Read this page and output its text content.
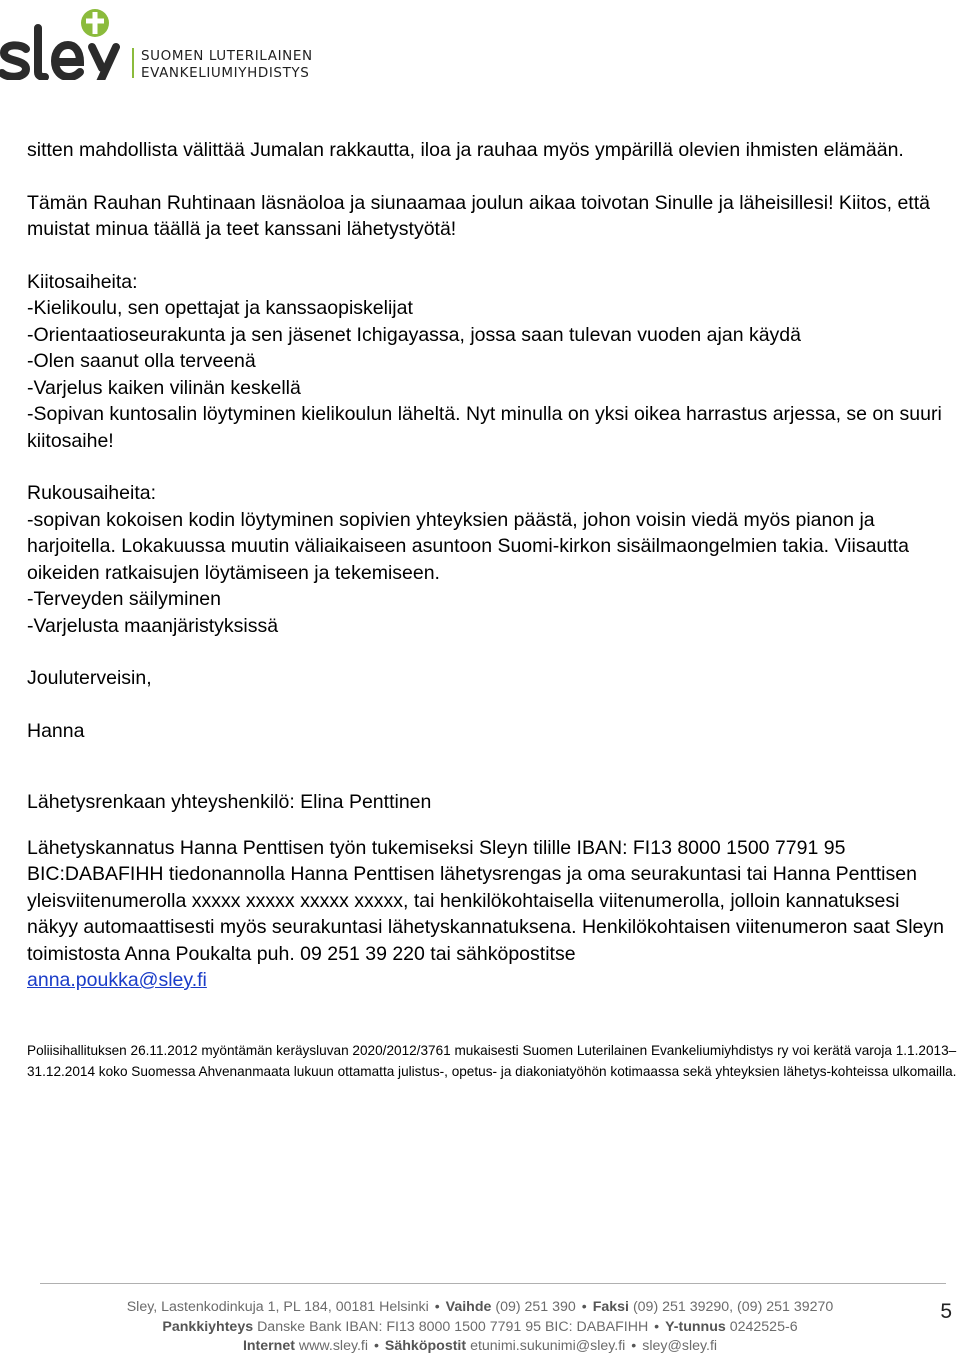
SUOMEN LUTERILAINEN
EVANKELIUMIYHDISTYS

sitten mahdollista välittää Jumalan rakkautta, iloa ja rauhaa myös ympärillä olevien ihmisten elämään.

Tämän Rauhan Ruhtinaan läsnäoloa ja siunaamaa joulun aikaa toivotan Sinulle ja läheisillesi! Kiitos, että muistat minua täällä ja teet kanssani lähetystyötä!

Kiitosaiheita:
-Kielikoulu, sen opettajat ja kanssaopiskelijat
-Orientaatioseurakunta ja sen jäsenet Ichigayassa, jossa saan tulevan vuoden ajan käydä
-Olen saanut olla terveenä
-Varjelus kaiken vilinän keskellä
-Sopivan kuntosalin löytyminen kielikoulun läheltä. Nyt minulla on yksi oikea harrastus arjessa, se on suuri kiitosaihe!
Rukousaiheita:
-sopivan kokoisen kodin löytyminen sopivien yhteyksien päästä, johon voisin viedä myös pianon ja harjoitella. Lokakuussa muutin väliaikaiseen asuntoon Suomi-kirkon sisäilmaongelmien takia. Viisautta oikeiden ratkaisujen löytämiseen ja tekemiseen.
-Terveyden säilyminen
-Varjelusta maanjäristyksissä
Jouluterveisin,
Hanna
Lähetysrenkaan yhteyshenkilö: Elina Penttinen
Lähetyskannatus Hanna Penttisen työn tukemiseksi Sleyn tilille IBAN: FI13 8000 1500 7791 95 BIC:DABAFIHH tiedonannolla Hanna Penttisen lähetysrengas ja oma seurakuntasi tai Hanna Penttisen yleisviitenumerolla xxxxx xxxxx xxxxx xxxxx, tai henkilökohtaisella viitenumerolla, jolloin kannatuksesi näkyy automaattisesti myös seurakuntasi lähetyskannatuksena. Henkilökohtaisen viitenumeron saat Sleyn toimistosta Anna Poukalta puh. 09 251 39 220 tai sähköpostitse
anna.poukka@sley.fi
Poliisihallituksen 26.11.2012 myöntämän keräysluvan 2020/2012/3761 mukaisesti Suomen Luterilainen Evankeliumiyhdistys ry voi kerätä varoja 1.1.2013–31.12.2014 koko Suomessa Ahvenanmaata lukuun ottamatta julistus-, opetus- ja diakoniatyöhön kotimaassa sekä yhteyksien lähetys-kohteissa ulkomailla.
Sley, Lastenkodinkuja 1, PL 184, 00181 Helsinki • Vaihde (09) 251 390 • Faksi (09) 251 39290, (09) 251 39270
Pankkiyhteys Danske Bank IBAN: FI13 8000 1500 7791 95 BIC: DABAFIHH • Y-tunnus 0242525-6
Internet www.sley.fi • Sähköpostit etunimi.sukunimi@sley.fi • sley@sley.fi
5
